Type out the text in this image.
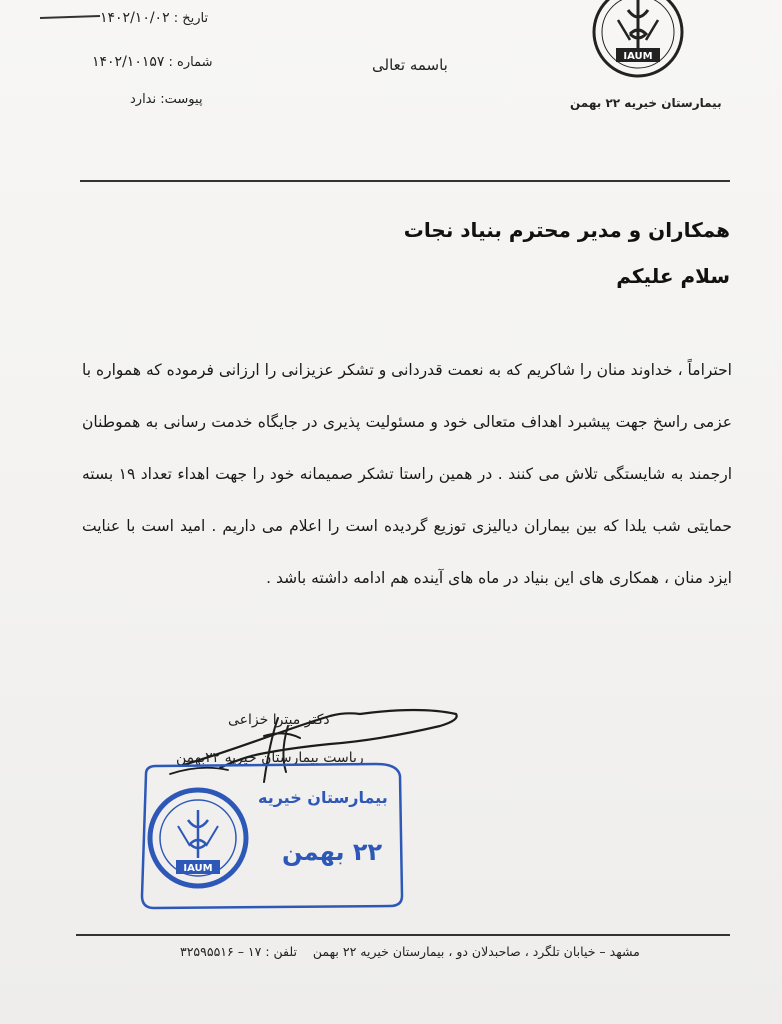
تاریخ : ۱۴۰۲/۱۰/۰۲
شماره : ۱۴۰۲/۱۰۱۵۷
پیوست: ندارد
باسمه تعالی	IAUM
بیمارستان خیریه ۲۲ بهمن
همکاران و مدیر محترم بنیاد نجات
سلام علیکم
احتراماً ، خداوند منان را شاکریم که به نعمت قدردانی و تشکر عزیزانی را ارزانی فرموده که همواره با عزمی راسخ جهت پیشبرد اهداف متعالی خود و مسئولیت پذیری در جایگاه خدمت رسانی به هموطنان ارجمند به شایستگی تلاش می کنند . در همین راستا تشکر صمیمانه خود را جهت اهداء تعداد ۱۹ بسته حمایتی شب یلدا که بین بیماران دیالیزی توزیع گردیده است را اعلام می داریم . امید است با عنایت ایزد منان ، همکاری های این بنیاد در ماه های آینده هم ادامه داشته باشد .
دکتر میترا خزاعی
ریاست بیمارستان خیریه ۲۲بهمن
IAUM
بیمارستان خیریه
۲۲ بهمن
مشهد – خیابان تلگرد ، صاحبدلان دو ، بیمارستان خیریه ۲۲ بهمن    تلفن : ۱۷ – ۳۲۵۹۵۵۱۶
